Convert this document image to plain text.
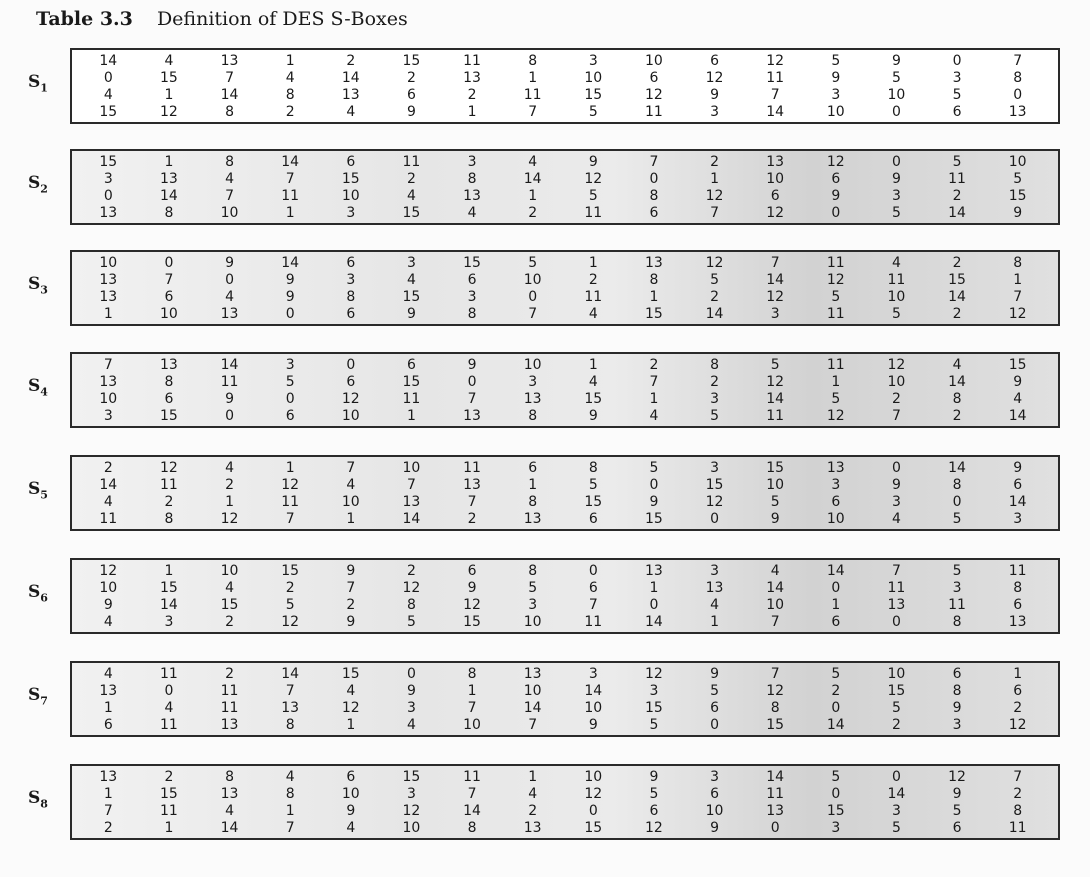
Table 3.3 Definition of DES S-Boxes
$S_1$
14	4	13	1	2	15	11	8	3	10	6	12	5	9	0	7
0	15	7	4	14	2	13	1	10	6	12	11	9	5	3	8
4	1	14	8	13	6	2	11	15	12	9	7	3	10	5	0
15	12	8	2	4	9	1	7	5	11	3	14	10	0	6	13
$S_2$
15	1	8	14	6	11	3	4	9	7	2	13	12	0	5	10
3	13	4	7	15	2	8	14	12	0	1	10	6	9	11	5
0	14	7	11	10	4	13	1	5	8	12	6	9	3	2	15
13	8	10	1	3	15	4	2	11	6	7	12	0	5	14	9
$S_3$
10	0	9	14	6	3	15	5	1	13	12	7	11	4	2	8
13	7	0	9	3	4	6	10	2	8	5	14	12	11	15	1
13	6	4	9	8	15	3	0	11	1	2	12	5	10	14	7
1	10	13	0	6	9	8	7	4	15	14	3	11	5	2	12
$S_4$
7	13	14	3	0	6	9	10	1	2	8	5	11	12	4	15
13	8	11	5	6	15	0	3	4	7	2	12	1	10	14	9
10	6	9	0	12	11	7	13	15	1	3	14	5	2	8	4
3	15	0	6	10	1	13	8	9	4	5	11	12	7	2	14
$S_5$
2	12	4	1	7	10	11	6	8	5	3	15	13	0	14	9
14	11	2	12	4	7	13	1	5	0	15	10	3	9	8	6
4	2	1	11	10	13	7	8	15	9	12	5	6	3	0	14
11	8	12	7	1	14	2	13	6	15	0	9	10	4	5	3
$S_6$
12	1	10	15	9	2	6	8	0	13	3	4	14	7	5	11
10	15	4	2	7	12	9	5	6	1	13	14	0	11	3	8
9	14	15	5	2	8	12	3	7	0	4	10	1	13	11	6
4	3	2	12	9	5	15	10	11	14	1	7	6	0	8	13
$S_7$
4	11	2	14	15	0	8	13	3	12	9	7	5	10	6	1
13	0	11	7	4	9	1	10	14	3	5	12	2	15	8	6
1	4	11	13	12	3	7	14	10	15	6	8	0	5	9	2
6	11	13	8	1	4	10	7	9	5	0	15	14	2	3	12
$S_8$
13	2	8	4	6	15	11	1	10	9	3	14	5	0	12	7
1	15	13	8	10	3	7	4	12	5	6	11	0	14	9	2
7	11	4	1	9	12	14	2	0	6	10	13	15	3	5	8
2	1	14	7	4	10	8	13	15	12	9	0	3	5	6	11
